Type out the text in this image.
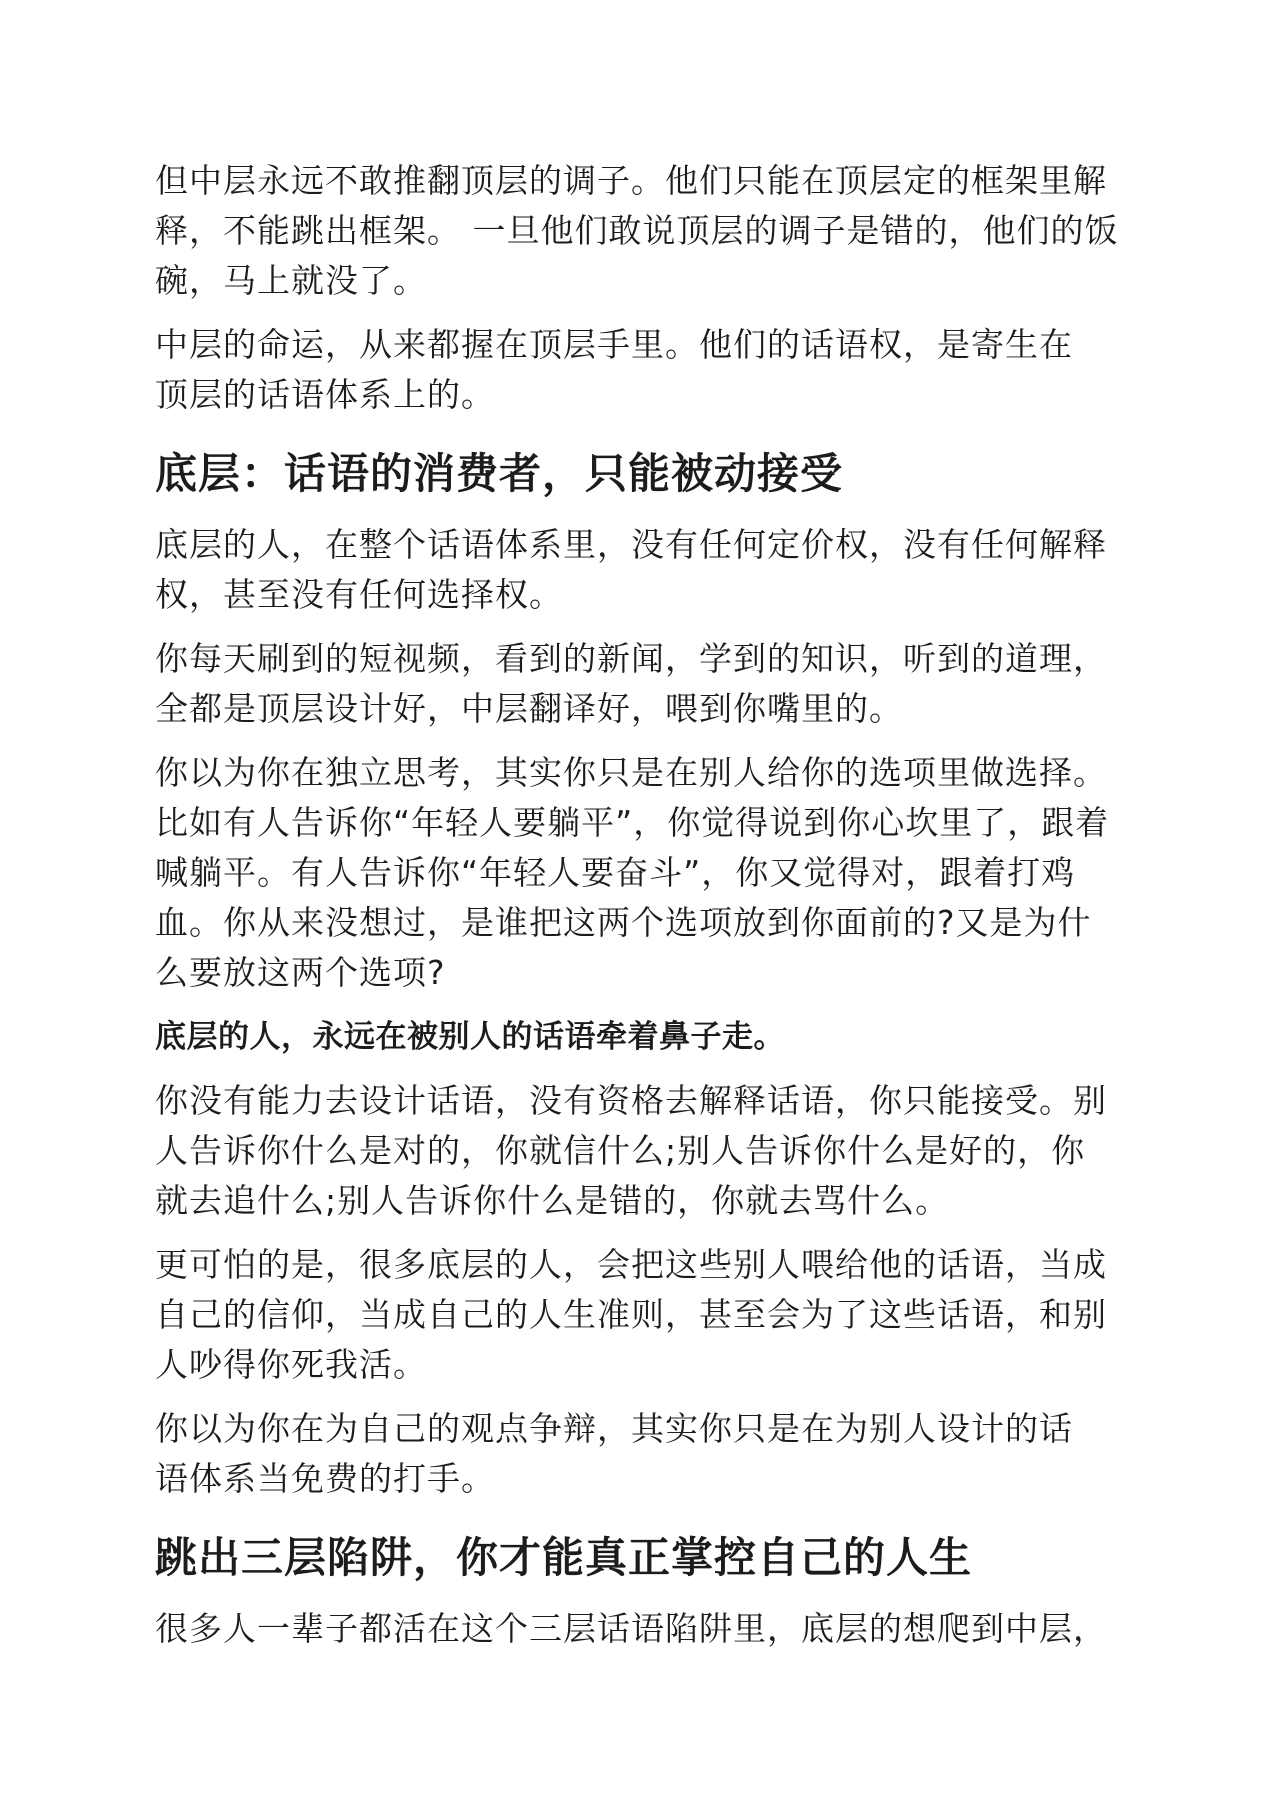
但中层永远不敢推翻顶层的调子。他们只能在顶层定的框架里解
释，不能跳出框架。 一旦他们敢说顶层的调子是错的，他们的饭
碗，马上就没了。

中层的命运，从来都握在顶层手里。他们的话语权，是寄生在
顶层的话语体系上的。

底层：话语的消费者，只能被动接受

底层的人，在整个话语体系里，没有任何定价权，没有任何解释
权，甚至没有任何选择权。

你每天刷到的短视频，看到的新闻，学到的知识，听到的道理，
全都是顶层设计好，中层翻译好，喂到你嘴里的。

你以为你在独立思考，其实你只是在别人给你的选项里做选择。
比如有人告诉你“年轻人要躺平”，你觉得说到你心坎里了，跟着
喊躺平。有人告诉你“年轻人要奋斗”，你又觉得对，跟着打鸡
血。你从来没想过，是谁把这两个选项放到你面前的?又是为什
么要放这两个选项?

底层的人，永远在被别人的话语牵着鼻子走。

你没有能力去设计话语，没有资格去解释话语，你只能接受。别
人告诉你什么是对的，你就信什么;别人告诉你什么是好的，你
就去追什么;别人告诉你什么是错的，你就去骂什么。

更可怕的是，很多底层的人，会把这些别人喂给他的话语，当成
自己的信仰，当成自己的人生准则，甚至会为了这些话语，和别
人吵得你死我活。

你以为你在为自己的观点争辩，其实你只是在为别人设计的话
语体系当免费的打手。

跳出三层陷阱，你才能真正掌控自己的人生

很多人一辈子都活在这个三层话语陷阱里，底层的想爬到中层，
